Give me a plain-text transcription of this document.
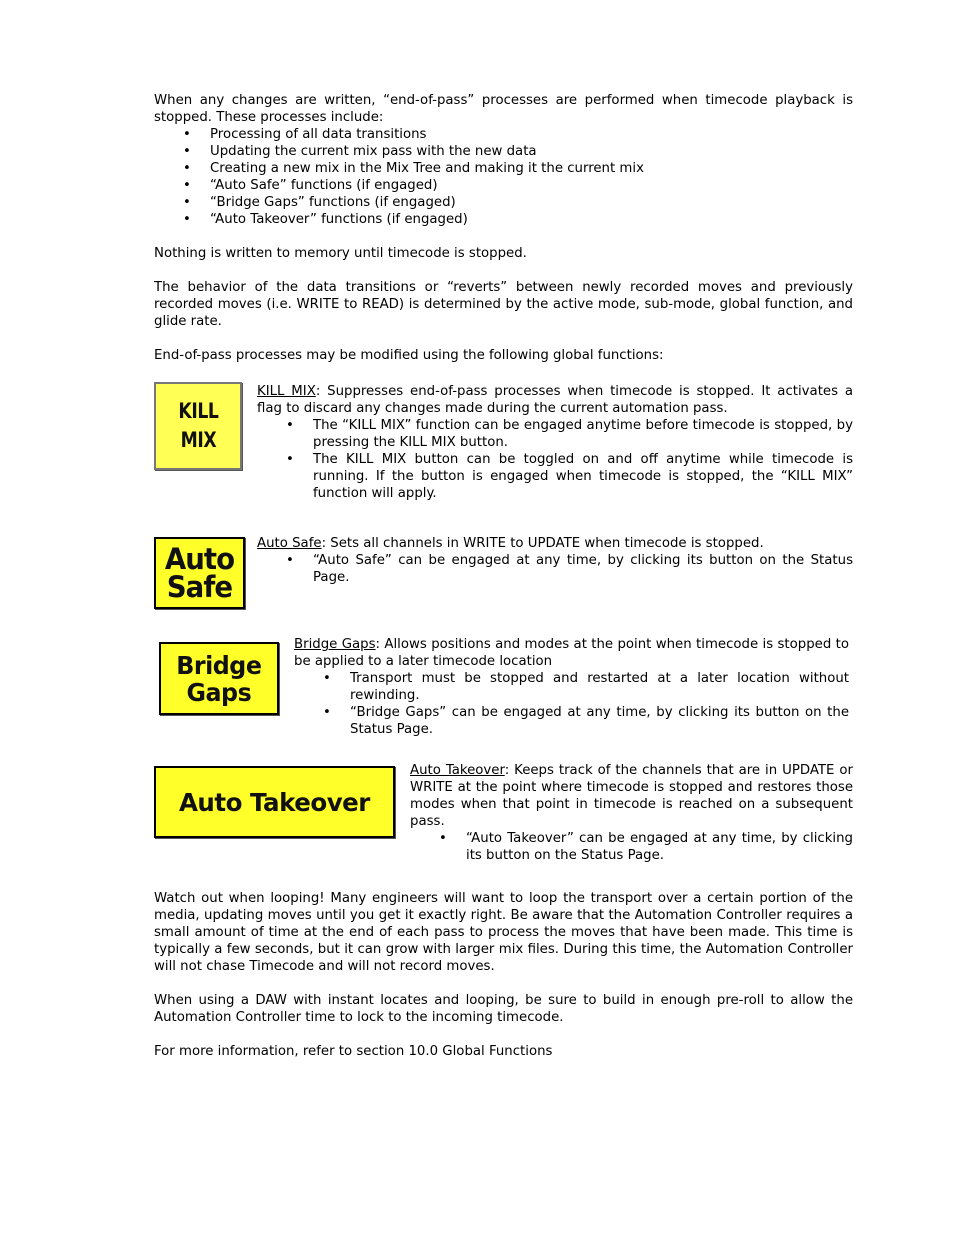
When any changes are written, “end-of-pass” processes are performed when timecode playback is stopped. These processes include:

• Processing of all data transitions
• Updating the current mix pass with the new data
• Creating a new mix in the Mix Tree and making it the current mix
• “Auto Safe” functions (if engaged)
• “Bridge Gaps” functions (if engaged)
• “Auto Takeover” functions (if engaged)

Nothing is written to memory until timecode is stopped.

The behavior of the data transitions or “reverts” between newly recorded moves and previously recorded moves (i.e. WRITE to READ) is determined by the active mode, sub-mode, global function, and glide rate.

End-of-pass processes may be modified using the following global functions:

KILL
MIX

KILL MIX: Suppresses end-of-pass processes when timecode is stopped. It activates a flag to discard any changes made during the current automation pass.

• The “KILL MIX” function can be engaged anytime before timecode is stopped, by pressing the KILL MIX button.
• The KILL MIX button can be toggled on and off anytime while timecode is running. If the button is engaged when timecode is stopped, the “KILL MIX” function will apply.
Auto
Safe

Auto Safe: Sets all channels in WRITE to UPDATE when timecode is stopped.

• “Auto Safe” can be engaged at any time, by clicking its button on the Status Page.
Bridge
Gaps

Bridge Gaps: Allows positions and modes at the point when timecode is stopped to be applied to a later timecode location

• Transport must be stopped and restarted at a later location without rewinding.
• “Bridge Gaps” can be engaged at any time, by clicking its button on the Status Page.
Auto Takeover

Auto Takeover: Keeps track of the channels that are in UPDATE or WRITE at the point where timecode is stopped and restores those modes when that point in timecode is reached on a subsequent pass.

• “Auto Takeover” can be engaged at any time, by clicking its button on the Status Page.

Watch out when looping! Many engineers will want to loop the transport over a certain portion of the media, updating moves until you get it exactly right. Be aware that the Automation Controller requires a small amount of time at the end of each pass to process the moves that have been made. This time is typically a few seconds, but it can grow with larger mix files. During this time, the Automation Controller will not chase Timecode and will not record moves.

When using a DAW with instant locates and looping, be sure to build in enough pre-roll to allow the Automation Controller time to lock to the incoming timecode.

For more information, refer to section 10.0 Global Functions
